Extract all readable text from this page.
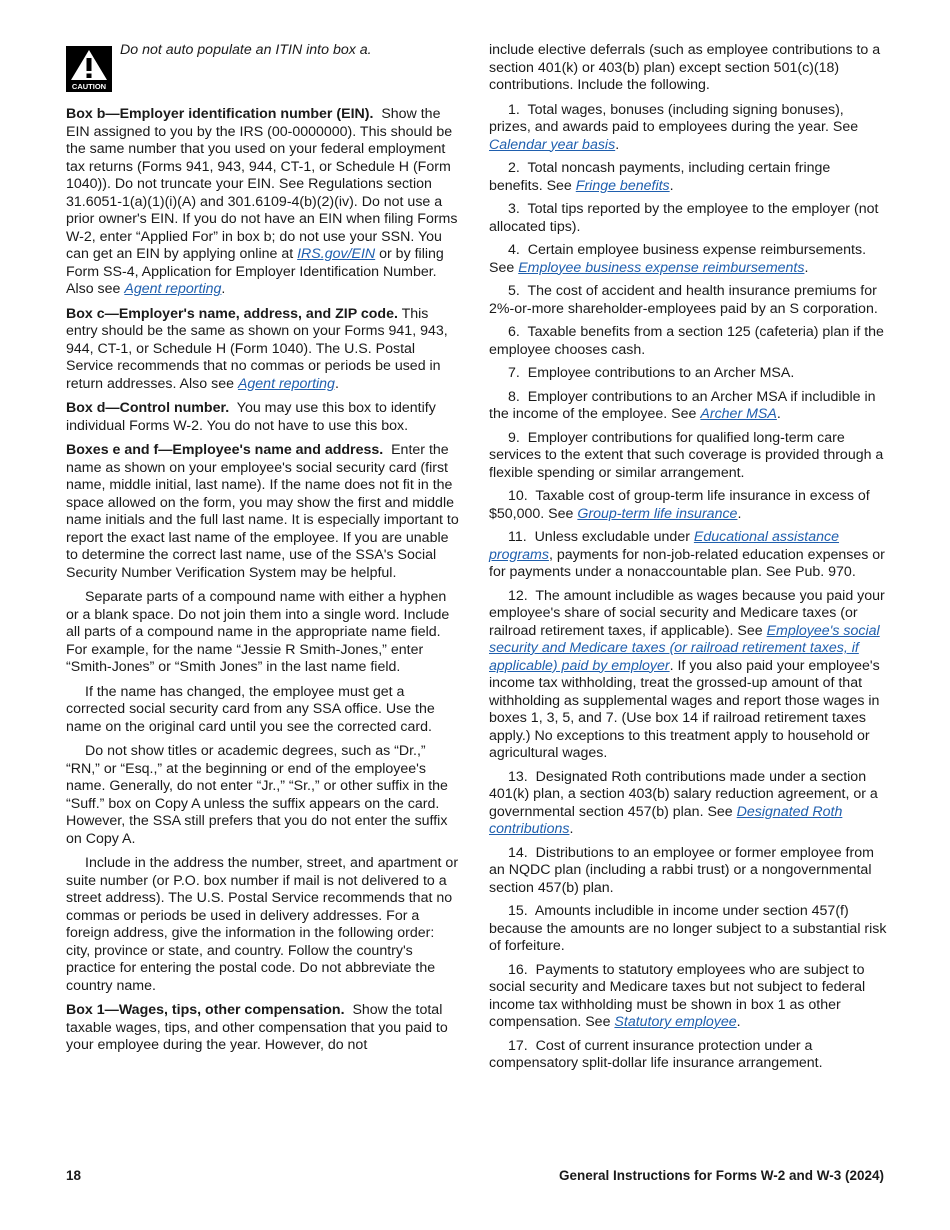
CAUTION
Do not auto populate an ITIN into box a.

Box b—Employer identification number (EIN). Show the EIN assigned to you by the IRS (00-0000000). This should be the same number that you used on your federal employment tax returns (Forms 941, 943, 944, CT-1, or Schedule H (Form 1040)). Do not truncate your EIN. See Regulations section 31.6051-1(a)(1)(i)(A) and 301.6109-4(b)(2)(iv). Do not use a prior owner's EIN. If you do not have an EIN when filing Forms W-2, enter “Applied For” in box b; do not use your SSN. You can get an EIN by applying online at IRS.gov/EIN or by filing Form SS-4, Application for Employer Identification Number. Also see Agent reporting.

Box c—Employer's name, address, and ZIP code. This entry should be the same as shown on your Forms 941, 943, 944, CT-1, or Schedule H (Form 1040). The U.S. Postal Service recommends that no commas or periods be used in return addresses. Also see Agent reporting.

Box d—Control number. You may use this box to identify individual Forms W-2. You do not have to use this box.

Boxes e and f—Employee's name and address. Enter the name as shown on your employee's social security card (first name, middle initial, last name). If the name does not fit in the space allowed on the form, you may show the first and middle name initials and the full last name. It is especially important to report the exact last name of the employee. If you are unable to determine the correct last name, use of the SSA's Social Security Number Verification System may be helpful.

Separate parts of a compound name with either a hyphen or a blank space. Do not join them into a single word. Include all parts of a compound name in the appropriate name field. For example, for the name “Jessie R Smith-Jones,” enter “Smith-Jones” or “Smith Jones” in the last name field.

If the name has changed, the employee must get a corrected social security card from any SSA office. Use the name on the original card until you see the corrected card.

Do not show titles or academic degrees, such as “Dr.,” “RN,” or “Esq.,” at the beginning or end of the employee's name. Generally, do not enter “Jr.,” “Sr.,” or other suffix in the “Suff.” box on Copy A unless the suffix appears on the card. However, the SSA still prefers that you do not enter the suffix on Copy A.

Include in the address the number, street, and apartment or suite number (or P.O. box number if mail is not delivered to a street address). The U.S. Postal Service recommends that no commas or periods be used in delivery addresses. For a foreign address, give the information in the following order: city, province or state, and country. Follow the country's practice for entering the postal code. Do not abbreviate the country name.

Box 1—Wages, tips, other compensation. Show the total taxable wages, tips, and other compensation that you paid to your employee during the year. However, do not

include elective deferrals (such as employee contributions to a section 401(k) or 403(b) plan) except section 501(c)(18) contributions. Include the following.

1. Total wages, bonuses (including signing bonuses), prizes, and awards paid to employees during the year. See Calendar year basis.

2. Total noncash payments, including certain fringe benefits. See Fringe benefits.

3. Total tips reported by the employee to the employer (not allocated tips).

4. Certain employee business expense reimbursements. See Employee business expense reimbursements.

5. The cost of accident and health insurance premiums for 2%-or-more shareholder-employees paid by an S corporation.

6. Taxable benefits from a section 125 (cafeteria) plan if the employee chooses cash.

7. Employee contributions to an Archer MSA.

8. Employer contributions to an Archer MSA if includible in the income of the employee. See Archer MSA.

9. Employer contributions for qualified long-term care services to the extent that such coverage is provided through a flexible spending or similar arrangement.

10. Taxable cost of group-term life insurance in excess of $50,000. See Group-term life insurance.

11. Unless excludable under Educational assistance programs, payments for non-job-related education expenses or for payments under a nonaccountable plan. See Pub. 970.

12. The amount includible as wages because you paid your employee's share of social security and Medicare taxes (or railroad retirement taxes, if applicable). See Employee's social security and Medicare taxes (or railroad retirement taxes, if applicable) paid by employer. If you also paid your employee's income tax withholding, treat the grossed-up amount of that withholding as supplemental wages and report those wages in boxes 1, 3, 5, and 7. (Use box 14 if railroad retirement taxes apply.) No exceptions to this treatment apply to household or agricultural wages.

13. Designated Roth contributions made under a section 401(k) plan, a section 403(b) salary reduction agreement, or a governmental section 457(b) plan. See Designated Roth contributions.

14. Distributions to an employee or former employee from an NQDC plan (including a rabbi trust) or a nongovernmental section 457(b) plan.

15. Amounts includible in income under section 457(f) because the amounts are no longer subject to a substantial risk of forfeiture.

16. Payments to statutory employees who are subject to social security and Medicare taxes but not subject to federal income tax withholding must be shown in box 1 as other compensation. See Statutory employee.

17. Cost of current insurance protection under a compensatory split-dollar life insurance arrangement.

18	General Instructions for Forms W-2 and W-3 (2024)
